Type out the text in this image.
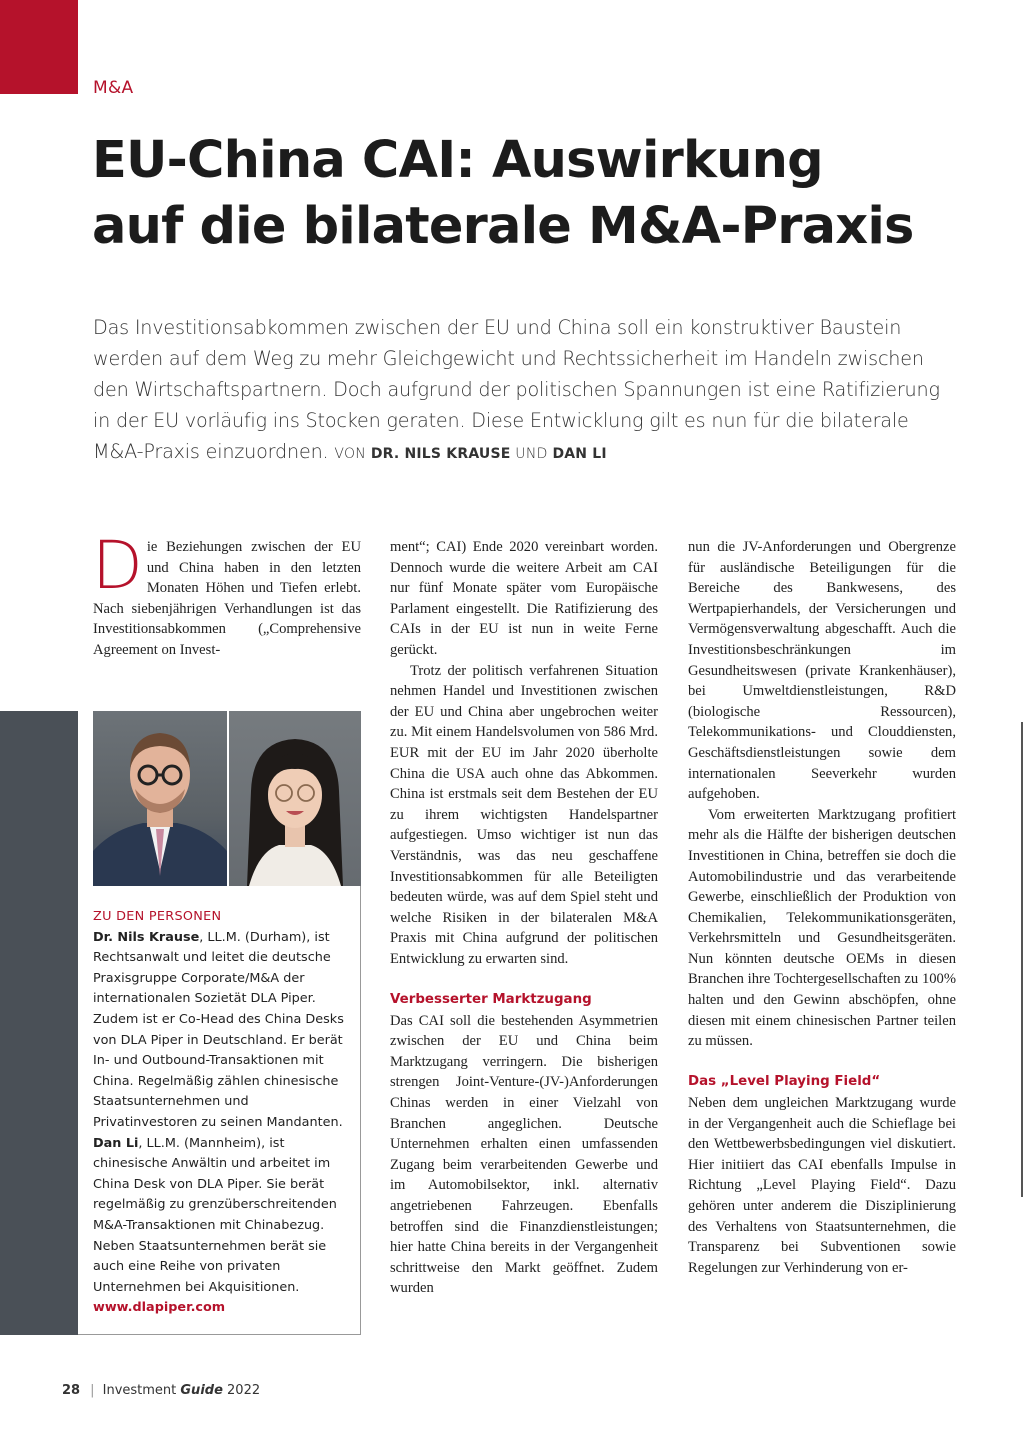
M&A
EU-China CAI: Auswirkung
auf die bilaterale M&A-Praxis
Das Investitionsabkommen zwischen der EU und China soll ein konstruktiver Baustein werden auf dem Weg zu mehr Gleichgewicht und Rechtssicherheit im Handeln zwischen den Wirtschaftspartnern. Doch aufgrund der politischen Spannungen ist eine Ratifizierung in der EU vorläufig ins Stocken geraten. Diese Entwicklung gilt es nun für die bilaterale M&A-Praxis einzuordnen. VON DR. NILS KRAUSE UND DAN LI
D ie Beziehungen zwischen der EU und China haben in den letzten Monaten Höhen und Tiefen erlebt. Nach siebenjährigen Verhandlungen ist das Investitionsabkommen („Comprehensive Agreement on Invest-

ZU DEN PERSONEN
Dr. Nils Krause, LL.M. (Durham), ist Rechtsanwalt und leitet die deutsche Praxisgruppe Corporate/M&A der internationalen Sozietät DLA Piper. Zudem ist er Co-Head des China Desks von DLA Piper in Deutschland. Er berät In- und Outbound-Transaktionen mit China. Regelmäßig zählen chinesische Staatsunternehmen und Privatinvestoren zu seinen Mandanten.
Dan Li, LL.M. (Mannheim), ist chinesische Anwältin und arbeitet im China Desk von DLA Piper. Sie berät regelmäßig zu grenzüberschreitenden M&A-Transaktionen mit Chinabezug. Neben Staatsunternehmen berät sie auch eine Reihe von privaten Unternehmen bei Akquisitionen.
www.dlapiper.com

ment“; CAI) Ende 2020 vereinbart worden. Dennoch wurde die weitere Arbeit am CAI nur fünf Monate später vom Europäische Parlament eingestellt. Die Ratifizierung des CAIs in der EU ist nun in weite Ferne gerückt.

Trotz der politisch verfahrenen Situation nehmen Handel und Investitionen zwischen der EU und China aber ungebrochen weiter zu. Mit einem Handelsvolumen von 586 Mrd. EUR mit der EU im Jahr 2020 überholte China die USA auch ohne das Abkommen. China ist erstmals seit dem Bestehen der EU zu ihrem wichtigsten Handelspartner aufgestiegen. Umso wichtiger ist nun das Verständnis, was das neu geschaffene Investitionsabkommen für alle Beteiligten bedeuten würde, was auf dem Spiel steht und welche Risiken in der bilateralen M&A Praxis mit China aufgrund der politischen Entwicklung zu erwarten sind.

Verbesserter Marktzugang

Das CAI soll die bestehenden Asymmetrien zwischen der EU und China beim Marktzugang verringern. Die bisherigen strengen Joint-Venture-(JV-)Anforderungen Chinas werden in einer Vielzahl von Branchen angeglichen. Deutsche Unternehmen erhalten einen umfassenden Zugang beim verarbeitenden Gewerbe und im Automobilsektor, inkl. alternativ angetriebenen Fahrzeugen. Ebenfalls betroffen sind die Finanzdienstleistungen; hier hatte China bereits in der Vergangenheit schrittweise den Markt geöffnet. Zudem wurden

nun die JV-Anforderungen und Obergrenze für ausländische Beteiligungen für die Bereiche des Bankwesens, des Wertpapierhandels, der Versicherungen und Vermögensverwaltung abgeschafft. Auch die Investitionsbeschränkungen im Gesundheitswesen (private Krankenhäuser), bei Umweltdienstleistungen, R&D (biologische Ressourcen), Telekommunikations- und Clouddiensten, Geschäftsdienstleistungen sowie dem internationalen Seeverkehr wurden aufgehoben.

Vom erweiterten Marktzugang profitiert mehr als die Hälfte der bisherigen deutschen Investitionen in China, betreffen sie doch die Automobilindustrie und das verarbeitende Gewerbe, einschließlich der Produktion von Chemikalien, Telekommunikationsgeräten, Verkehrsmitteln und Gesundheitsgeräten. Nun könnten deutsche OEMs in diesen Branchen ihre Tochtergesellschaften zu 100% halten und den Gewinn abschöpfen, ohne diesen mit einem chinesischen Partner teilen zu müssen.

Das „Level Playing Field“

Neben dem ungleichen Marktzugang wurde in der Vergangenheit auch die Schieflage bei den Wettbewerbsbedingungen viel diskutiert. Hier initiiert das CAI ebenfalls Impulse in Richtung „Level Playing Field“. Dazu gehören unter anderem die Disziplinierung des Verhaltens von Staatsunternehmen, die Transparenz bei Subventionen sowie Regelungen zur Verhinderung von er-

28 | Investment Guide 2022
